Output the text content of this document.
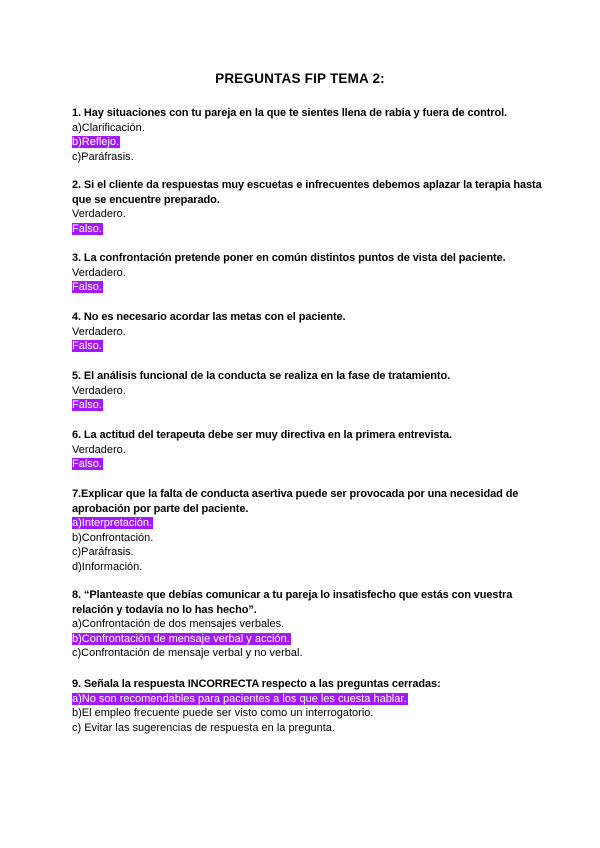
PREGUNTAS FIP TEMA 2:
1. Hay situaciones con tu pareja en la que te sientes llena de rabia y fuera de control.
a)Clarificación.
b)Reflejo.
c)Paráfrasis.
2. Si el cliente da respuestas muy escuetas e infrecuentes debemos aplazar la terapia hasta que se encuentre preparado.
Verdadero.
Falso.
3. La confrontación pretende poner en común distintos puntos de vista del paciente.
Verdadero.
Falso.
4. No es necesario acordar las metas con el paciente.
Verdadero.
Falso.
5. El análisis funcional de la conducta se realiza en la fase de tratamiento.
Verdadero.
Falso.
6. La actitud del terapeuta debe ser muy directiva en la primera entrevista.
Verdadero.
Falso.
7.Explicar que la falta de conducta asertiva puede ser provocada por una necesidad de aprobación por parte del paciente.
a)Interpretación.
b)Confrontación.
c)Paráfrasis.
d)Información.
8. “Planteaste que debías comunicar a tu pareja lo insatisfecho que estás con vuestra relación y todavía no lo has hecho”.
a)Confrontación de dos mensajes verbales.
b)Confrontación de mensaje verbal y acción.
c)Confrontación de mensaje verbal y no verbal.
9. Señala la respuesta INCORRECTA respecto a las preguntas cerradas:
a)No son recomendables para pacientes a los que les cuesta hablar.
b)El empleo frecuente puede ser visto como un interrogatorio.
c) Evitar las sugerencias de respuesta en la pregunta.
